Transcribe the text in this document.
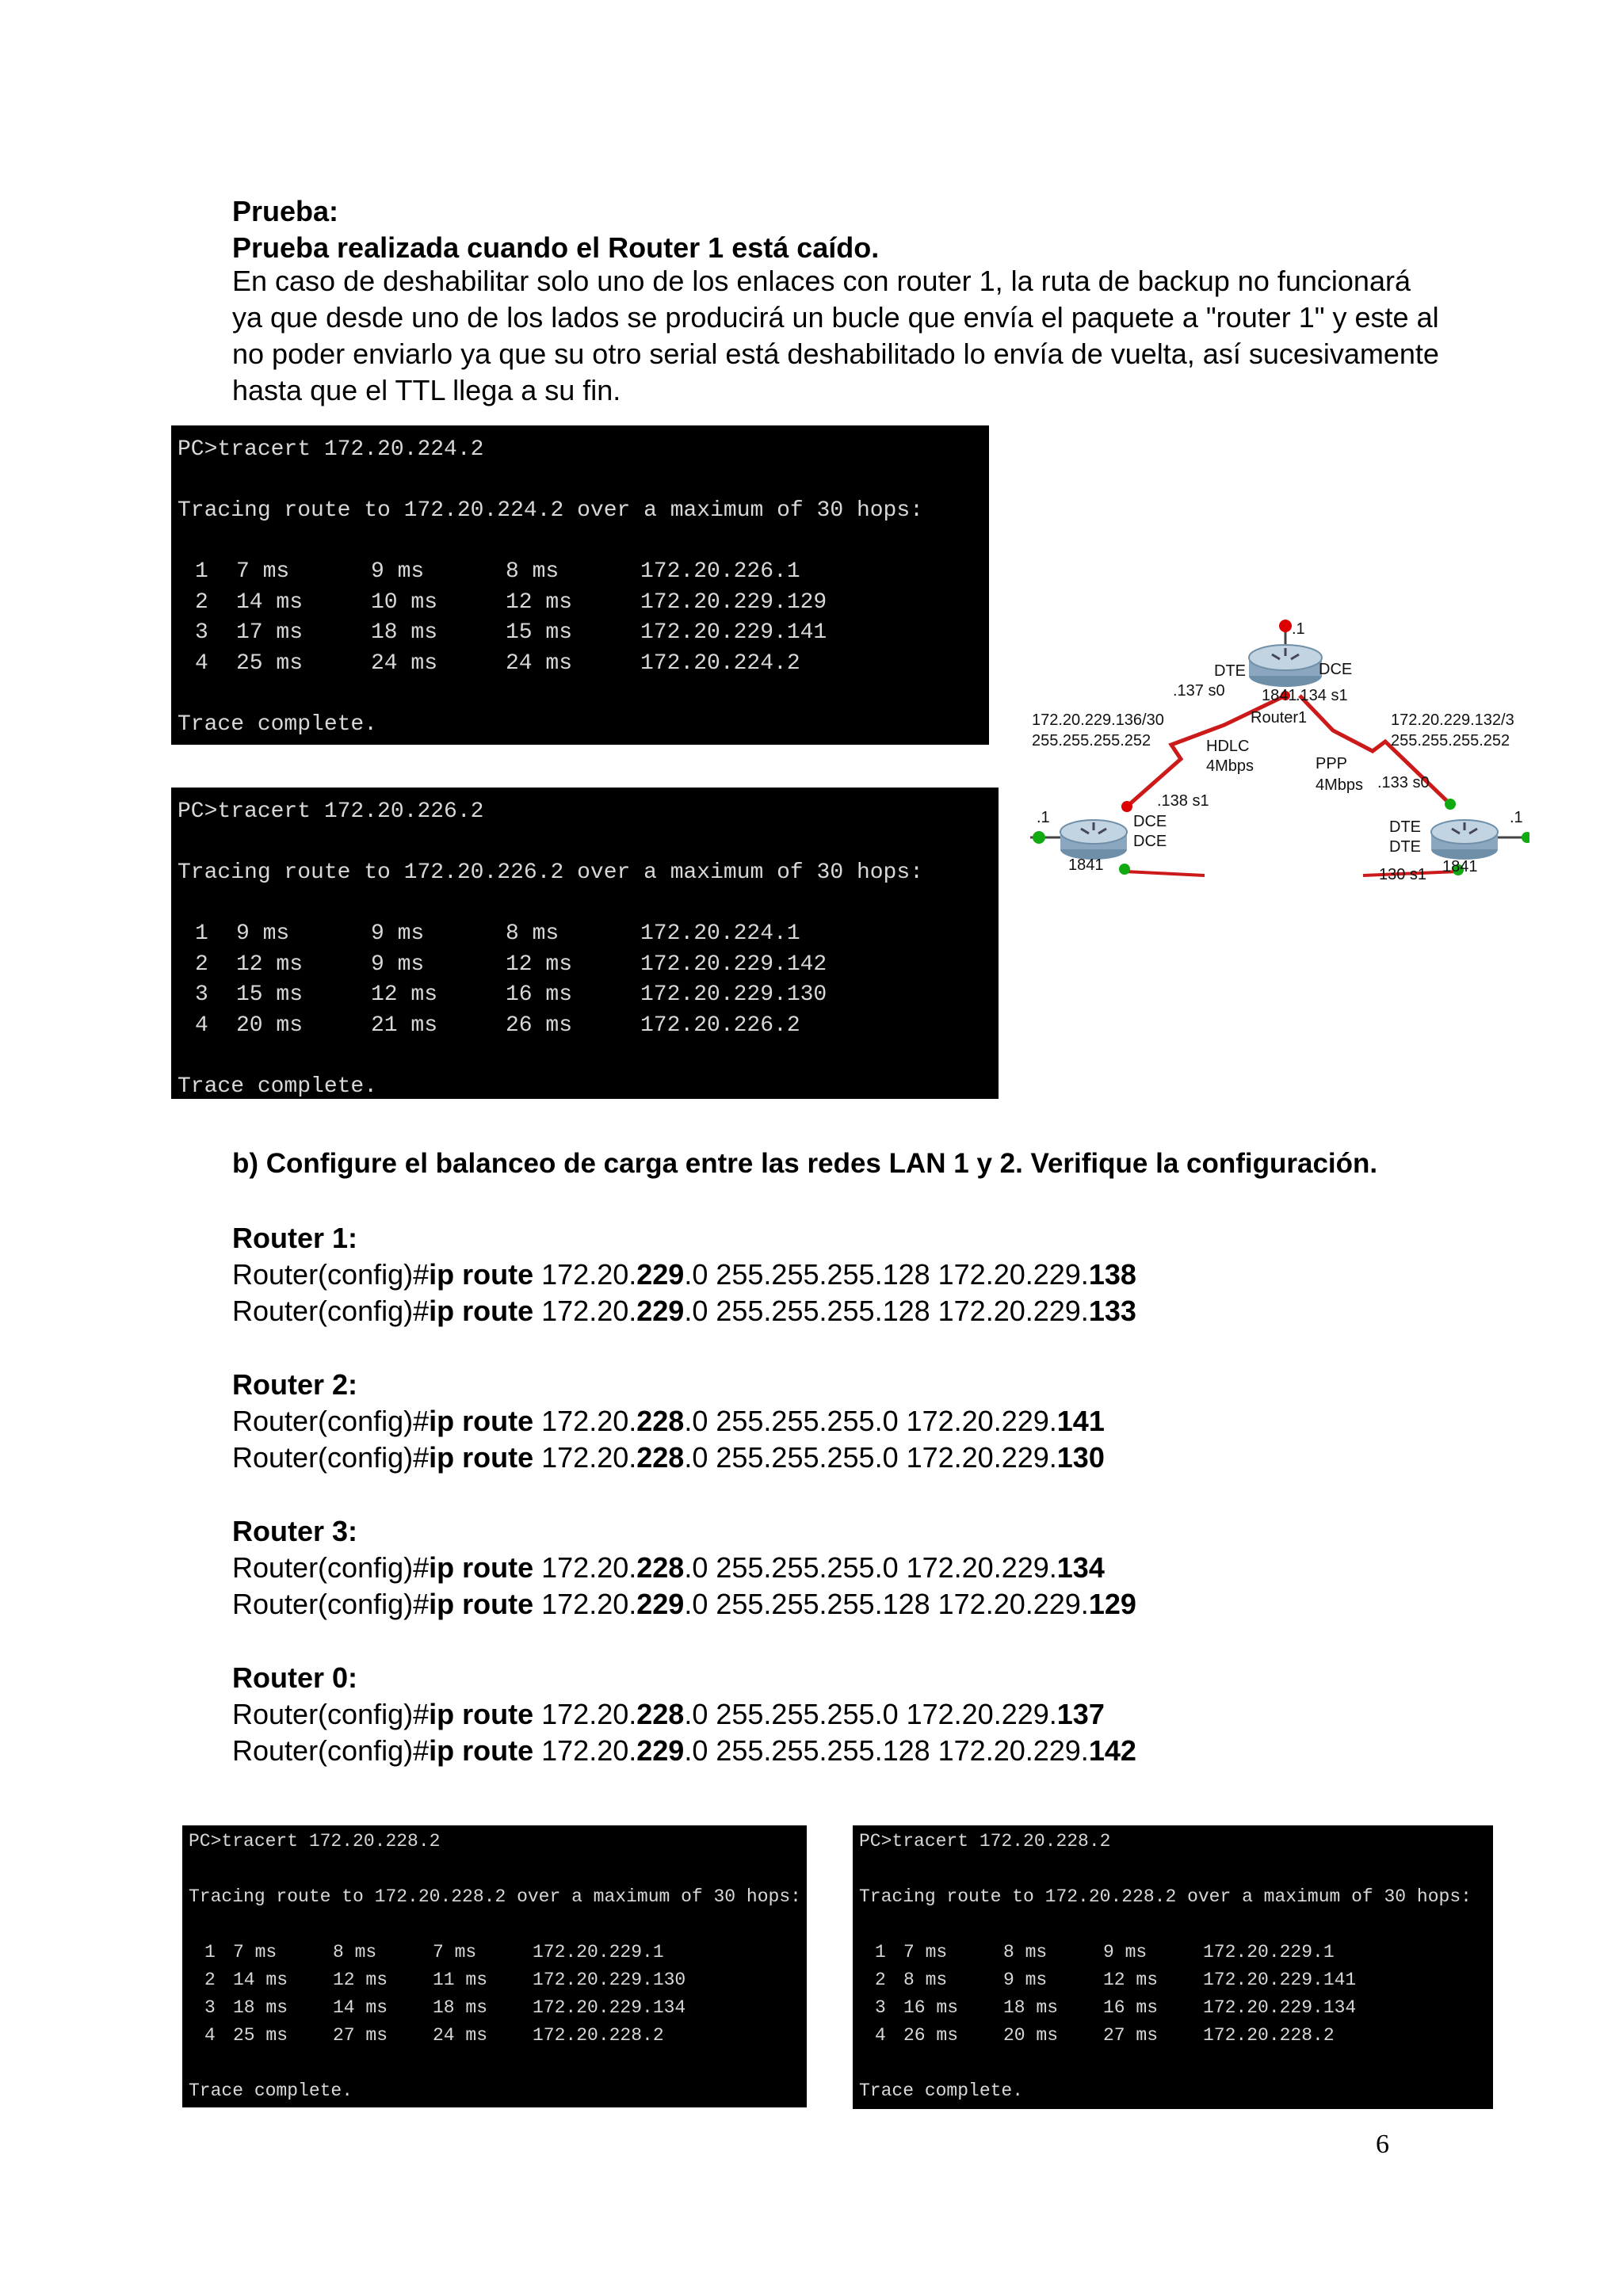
Prueba:
Prueba realizada cuando el Router 1 está caído.
En caso de deshabilitar solo uno de los enlaces con router 1, la ruta de backup no funcionará
ya que desde uno de los lados se producirá un bucle que envía el paquete a "router 1" y este al
no poder enviarlo ya que su otro serial está deshabilitado lo envía de vuelta, así sucesivamente
hasta que el TTL llega a su fin.
PC>tracert 172.20.224.2
Tracing route to 172.20.224.2 over a maximum of 30 hops:
1 7 ms	9 ms	8 ms	172.20.226.1
2 14 ms	10 ms	12 ms	172.20.229.129
3 17 ms	18 ms	15 ms	172.20.229.141
4 25 ms	24 ms	24 ms	172.20.224.2
Trace complete.
PC>tracert 172.20.226.2
Tracing route to 172.20.226.2 over a maximum of 30 hops:
1 9 ms	9 ms	8 ms	172.20.224.1
2 12 ms	9 ms	12 ms	172.20.229.142
3 15 ms	12 ms	16 ms	172.20.229.130
4 20 ms	21 ms	26 ms	172.20.226.2
Trace complete.
.1
DTE	DCE
.137 s0 1841
.134 s1
Router1
172.20.229.136/30
255.255.255.252	HDLC
4Mbps
172.20.229.132/3
255.255.255.252
PPP
4Mbps .133 s0
.138 s1
.1	DCE
DCE
1841
.1
DTE
DTE
1841
130 s1
b) Configure el balanceo de carga entre las redes LAN 1 y 2. Verifique la configuración.
Router 1:
Router(config)#ip route 172.20.229.0 255.255.255.128 172.20.229.138
Router(config)#ip route 172.20.229.0 255.255.255.128 172.20.229.133
Router 2:
Router(config)#ip route 172.20.228.0 255.255.255.0 172.20.229.141
Router(config)#ip route 172.20.228.0 255.255.255.0 172.20.229.130
Router 3:
Router(config)#ip route 172.20.228.0 255.255.255.0 172.20.229.134
Router(config)#ip route 172.20.229.0 255.255.255.128 172.20.229.129
Router 0:
Router(config)#ip route 172.20.228.0 255.255.255.0 172.20.229.137
Router(config)#ip route 172.20.229.0 255.255.255.128 172.20.229.142
PC>tracert 172.20.228.2
Tracing route to 172.20.228.2 over a maximum of 30 hops:
1 7 ms	8 ms	7 ms	172.20.229.1
2 14 ms 12 ms 11 ms 172.20.229.130
3 18 ms 14 ms 18 ms 172.20.229.134
4 25 ms 27 ms 24 ms 172.20.228.2
Trace complete.
PC>tracert 172.20.228.2
Tracing route to 172.20.228.2 over a maximum of 30 hops:
1 7 ms	8 ms	9 ms	172.20.229.1
2 8 ms	9 ms	12 ms 172.20.229.141
3 16 ms 18 ms 16 ms 172.20.229.134
4 26 ms 20 ms 27 ms 172.20.228.2
Trace complete.
6
